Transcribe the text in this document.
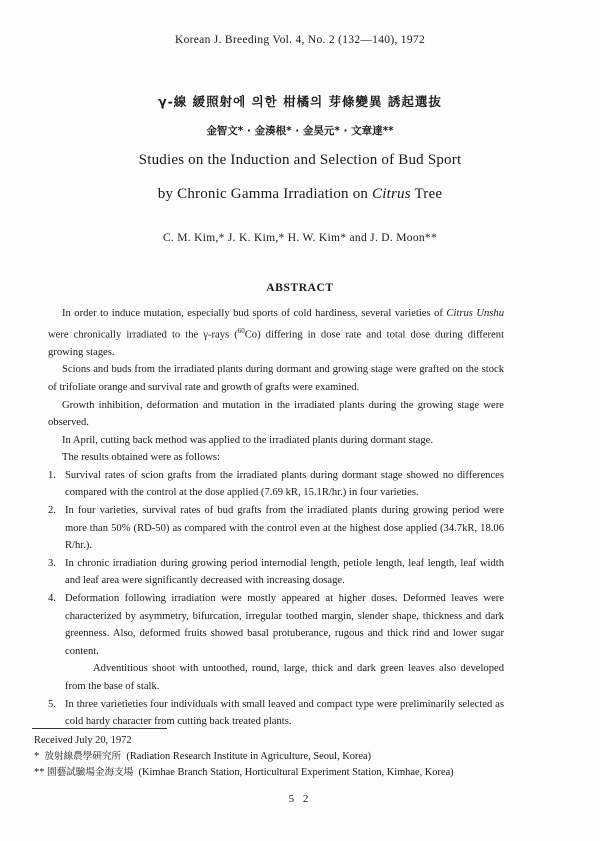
Korean J. Breeding Vol. 4, No. 2 (132—140), 1972
γ-線 緩照射에 의한 柑橘의 芽條變異 誘起選抜
金智文* · 金湊根* · 金昊元* · 文章達**
Studies on the Induction and Selection of Bud Sport
by Chronic Gamma Irradiation on Citrus Tree
C. M. Kim,* J. K. Kim,* H. W. Kim* and J. D. Moon**
ABSTRACT

In order to induce mutation, especially bud sports of cold hardiness, several varieties of Citrus Unshu were chronically irradiated to the γ-rays ($^{60}$Co) differing in dose rate and total dose during different growing stages.

Scions and buds from the irradiated plants during dormant and growing stage were grafted on the stock of trifoliate orange and survival rate and growth of grafts were examined.

Growth inhibition, deformation and mutation in the irradiated plants during the growing stage were observed.

In April, cutting back method was applied to the irradiated plants during dormant stage.

The results obtained were as follows:

1. Survival rates of scion grafts from the irradiated plants during dormant stage showed no differences compared with the control at the dose applied (7.69 kR, 15.1R/hr.) in four varieties.
2. In four varieties, survival rates of bud grafts from the irradiated plants during growing period were more than 50% (RD-50) as compared with the control even at the highest dose applied (34.7kR, 18.06 R/hr.).
3. In chronic irradiation during growing period internodial length, petiole length, leaf length, leaf width and leaf area were significantly decreased with increasing dosage.
4. Deformation following irradiation were mostly appeared at higher doses. Deformed leaves were characterized by asymmetry, bifurcation, irregular toothed margin, slender shape, thickness and dark greenness. Also, deformed fruits showed basal protuberance, rugous and thick rind and lower sugar content.

Adventitious shoot with untoothed, round, large, thick and dark green leaves also developed from the base of stalk.

5. In three varietieties four individuals with small leaved and compact type were preliminarily selected as cold hardy character from cutting back treated plants.
Received July 20, 1972
* 放射線農學硏究所 (Radiation Research Institute in Agriculture, Seoul, Korea)
** 園藝試驗場金海支場 (Kimhae Branch Station, Horticultural Experiment Station, Kimhae, Korea)
5 2
